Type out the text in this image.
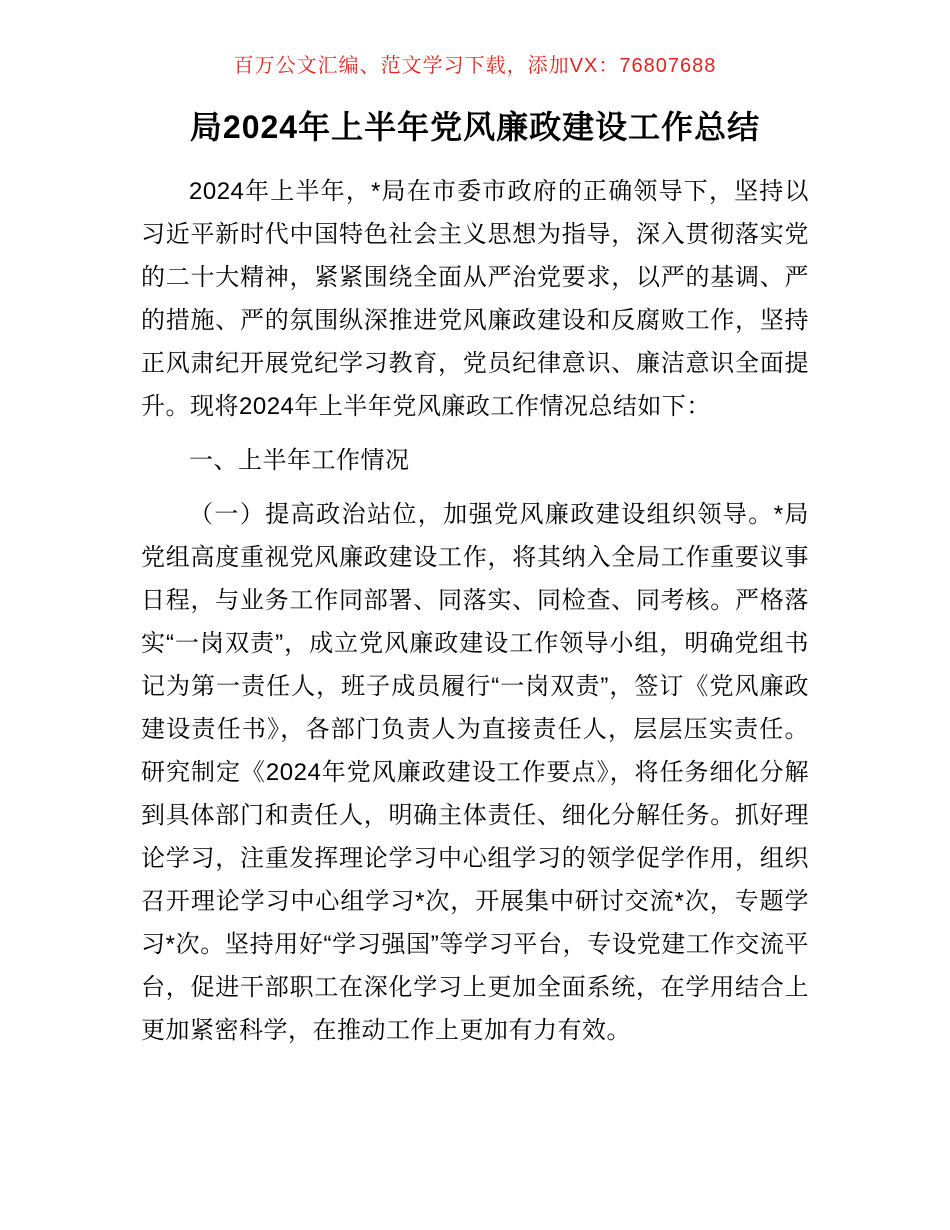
百万公文汇编、范文学习下载，添加VX：76807688
局2024年上半年党风廉政建设工作总结

2024年上半年，*局在市委市政府的正确领导下，坚持以习近平新时代中国特色社会主义思想为指导，深入贯彻落实党的二十大精神，紧紧围绕全面从严治党要求，以严的基调、严的措施、严的氛围纵深推进党风廉政建设和反腐败工作，坚持正风肃纪开展党纪学习教育，党员纪律意识、廉洁意识全面提升。现将2024年上半年党风廉政工作情况总结如下：

一、上半年工作情况

（一）提高政治站位，加强党风廉政建设组织领导。*局党组高度重视党风廉政建设工作，将其纳入全局工作重要议事日程，与业务工作同部署、同落实、同检查、同考核。严格落实“一岗双责”，成立党风廉政建设工作领导小组，明确党组书记为第一责任人，班子成员履行“一岗双责”，签订《党风廉政建设责任书》，各部门负责人为直接责任人，层层压实责任。研究制定《2024年党风廉政建设工作要点》，将任务细化分解到具体部门和责任人，明确主体责任、细化分解任务。抓好理论学习，注重发挥理论学习中心组学习的领学促学作用，组织召开理论学习中心组学习*次，开展集中研讨交流*次，专题学习*次。坚持用好“学习强国”等学习平台，专设党建工作交流平台，促进干部职工在深化学习上更加全面系统，在学用结合上更加紧密科学，在推动工作上更加有力有效。
